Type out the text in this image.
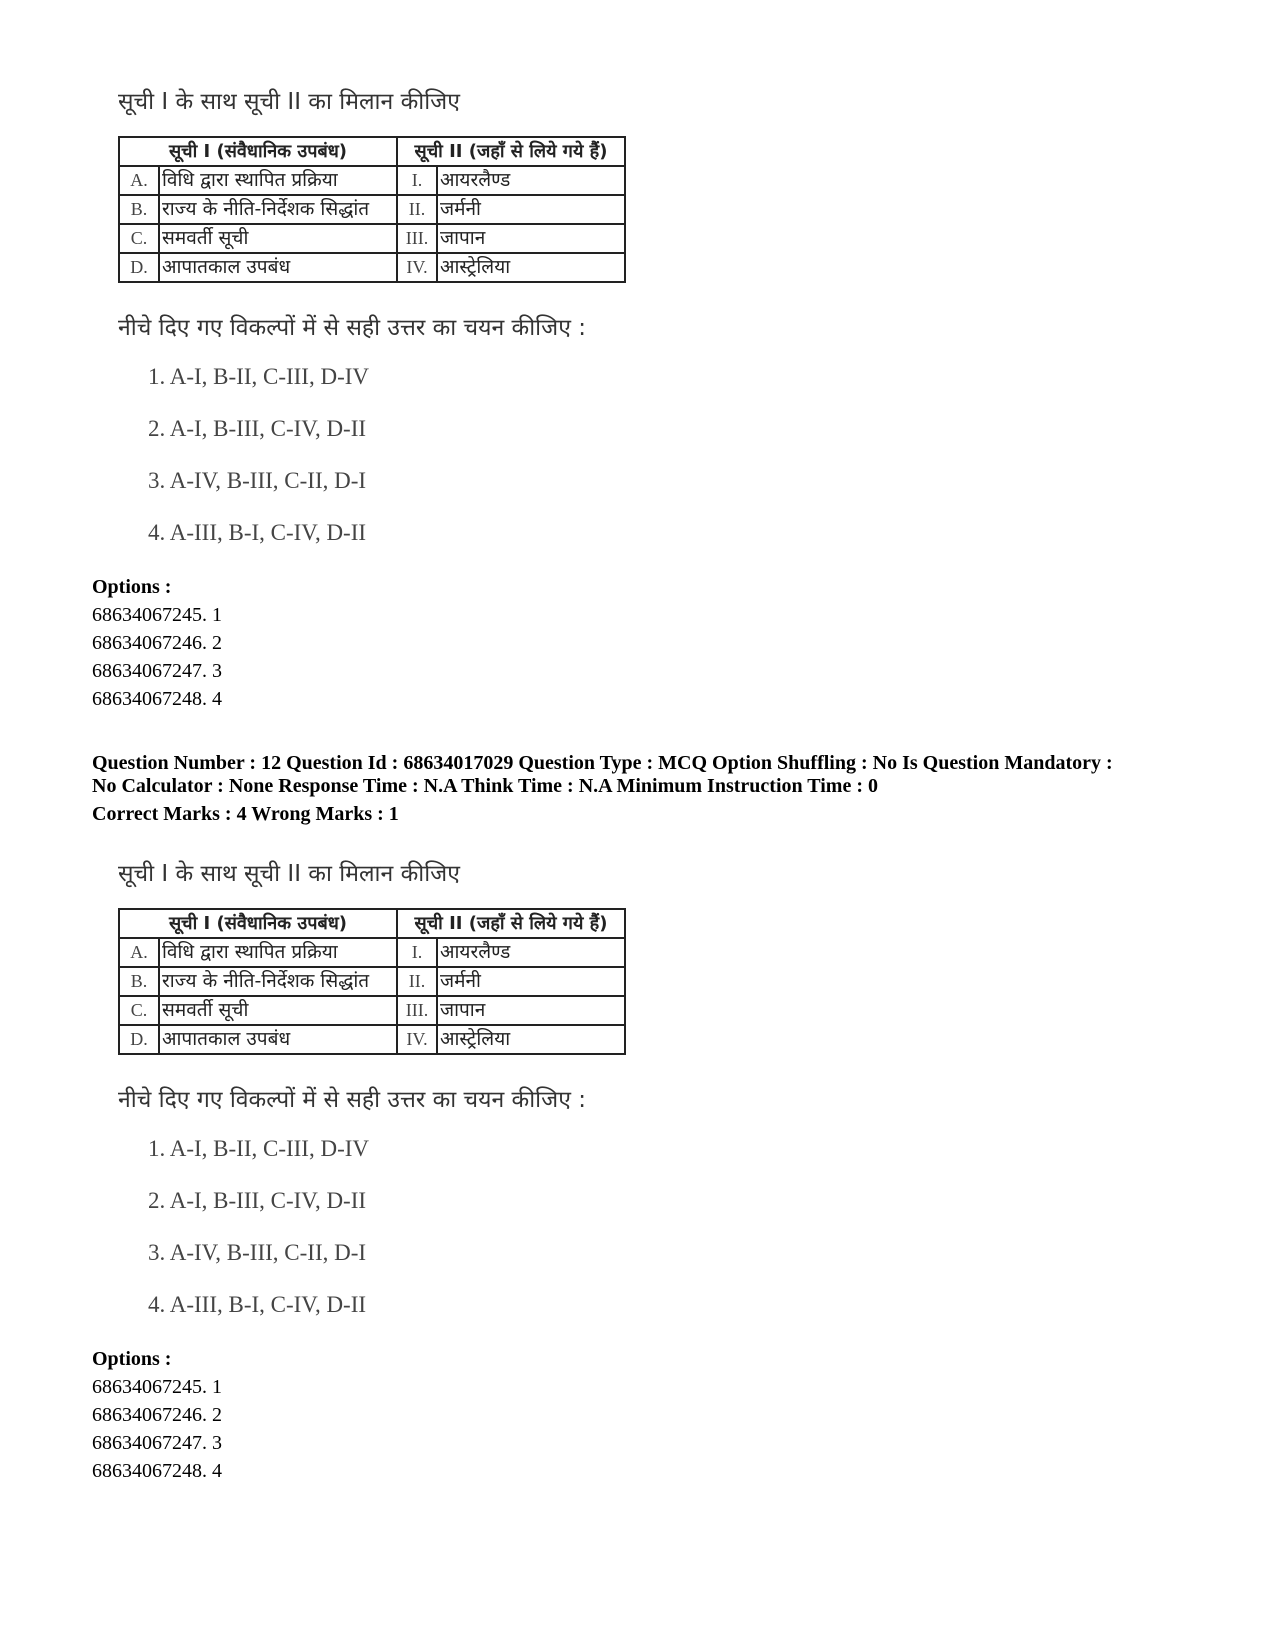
सूची I के साथ सूची II का मिलान कीजिए
सूची I (संवैधानिक उपबंध)		सूची II (जहाँ से लिये गये हैं)	
A.	विधि द्वारा स्थापित प्रक्रिया	I.	आयरलैण्ड
B.	राज्य के नीति-निर्देशक सिद्धांत	II.	जर्मनी
C.	समवर्ती सूची	III.	जापान
D.	आपातकाल उपबंध	IV.	आस्ट्रेलिया
नीचे दिए गए विकल्पों में से सही उत्तर का चयन कीजिए :
1. A-I, B-II, C-III, D-IV
2. A-I, B-III, C-IV, D-II
3. A-IV, B-III, C-II, D-I
4. A-III, B-I, C-IV, D-II
Options :
68634067245. 1
68634067246. 2
68634067247. 3
68634067248. 4
Question Number : 12 Question Id : 68634017029 Question Type : MCQ Option Shuffling : No Is Question Mandatory :
No Calculator : None Response Time : N.A Think Time : N.A Minimum Instruction Time : 0
Correct Marks : 4 Wrong Marks : 1
सूची I के साथ सूची II का मिलान कीजिए
सूची I (संवैधानिक उपबंध)		सूची II (जहाँ से लिये गये हैं)	
A.	विधि द्वारा स्थापित प्रक्रिया	I.	आयरलैण्ड
B.	राज्य के नीति-निर्देशक सिद्धांत	II.	जर्मनी
C.	समवर्ती सूची	III.	जापान
D.	आपातकाल उपबंध	IV.	आस्ट्रेलिया
नीचे दिए गए विकल्पों में से सही उत्तर का चयन कीजिए :
1. A-I, B-II, C-III, D-IV
2. A-I, B-III, C-IV, D-II
3. A-IV, B-III, C-II, D-I
4. A-III, B-I, C-IV, D-II
Options :
68634067245. 1
68634067246. 2
68634067247. 3
68634067248. 4
